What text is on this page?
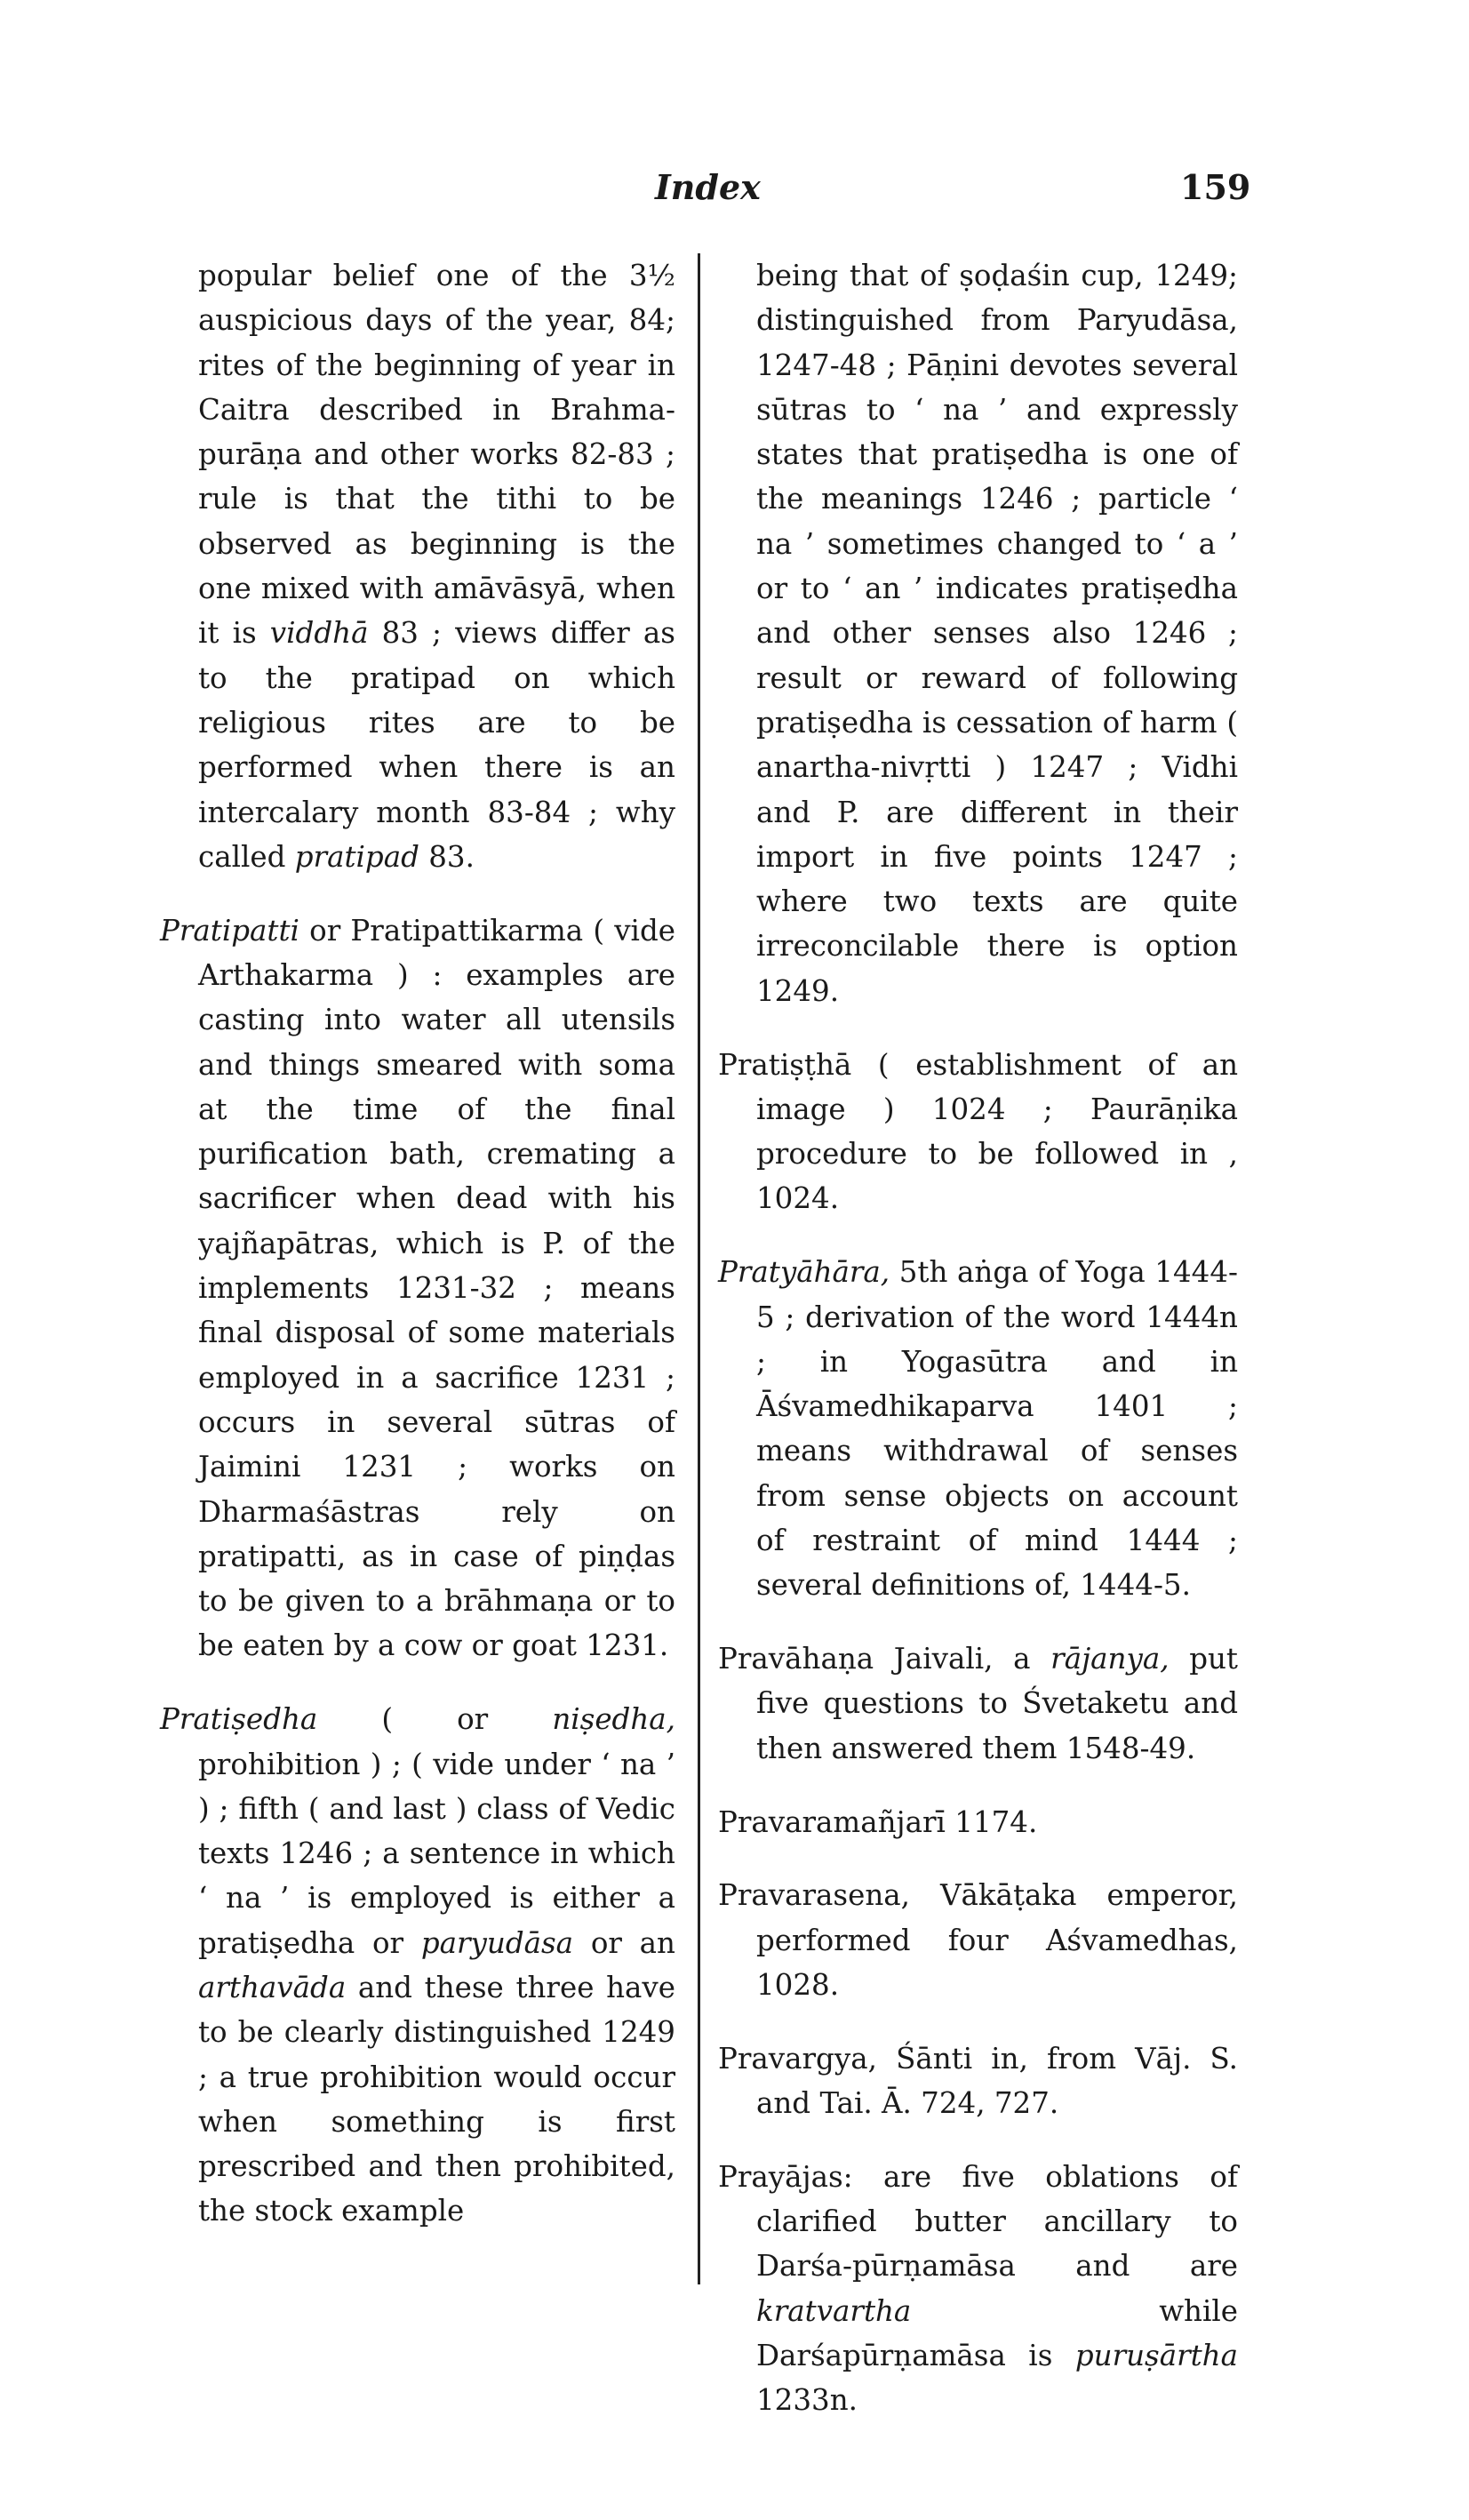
Index	159

popular belief one of the 3½ auspicious days of the year, 84; rites of the beginning of year in Caitra described in Brahma-purāṇa and other works 82-83 ; rule is that the tithi to be observed as beginning is the one mixed with amāvāsyā, when it is viddhā 83 ; views differ as to the pratipad on which religious rites are to be performed when there is an intercalary month 83-84 ; why called pratipad 83.

Pratipatti or Pratipattikarma ( vide Arthakarma ) : examples are casting into water all utensils and things smeared with soma at the time of the final purification bath, cremating a sacrificer when dead with his yajñapātras, which is P. of the implements 1231-32 ; means final disposal of some materials employed in a sacrifice 1231 ; occurs in several sūtras of Jaimini 1231 ; works on Dharmaśāstras rely on pratipatti, as in case of piṇḍas to be given to a brāhmaṇa or to be eaten by a cow or goat 1231.

Pratiṣedha ( or niṣedha, prohibition ) ; ( vide under ‘ na ’ ) ; fifth ( and last ) class of Vedic texts 1246 ; a sentence in which ‘ na ’ is employed is either a pratiṣedha or paryudāsa or an arthavāda and these three have to be clearly distinguished 1249 ; a true prohibition would occur when something is first prescribed and then prohibited, the stock example

being that of ṣoḍaśin cup, 1249; distinguished from Paryudāsa, 1247-48 ; Pāṇini devotes several sūtras to ‘ na ’ and expressly states that pratiṣedha is one of the meanings 1246 ; particle ‘ na ’ sometimes changed to ‘ a ’ or to ‘ an ’ indicates pratiṣedha and other senses also 1246 ; result or reward of following pratiṣedha is cessation of harm ( anartha-nivṛtti ) 1247 ; Vidhi and P. are different in their import in five points 1247 ; where two texts are quite irreconcilable there is option 1249.

Pratiṣṭhā ( establishment of an image ) 1024 ; Paurāṇika procedure to be followed in , 1024.

Pratyāhāra, 5th aṅga of Yoga 1444-5 ; derivation of the word 1444n ; in Yogasūtra and in Āśvamedhikaparva 1401 ; means withdrawal of senses from sense objects on account of restraint of mind 1444 ; several definitions of, 1444-5.

Pravāhaṇa Jaivali, a rājanya, put five questions to Śvetaketu and then answered them 1548-49.

Pravaramañjarī 1174.

Pravarasena, Vākāṭaka emperor, performed four Aśvamedhas, 1028.

Pravargya, Śānti in, from Vāj. S. and Tai. Ā. 724, 727.

Prayājas: are five oblations of clarified butter ancillary to Darśa-pūrṇamāsa and are kratvartha while Darśapūrṇamāsa is puruṣārtha 1233n.
